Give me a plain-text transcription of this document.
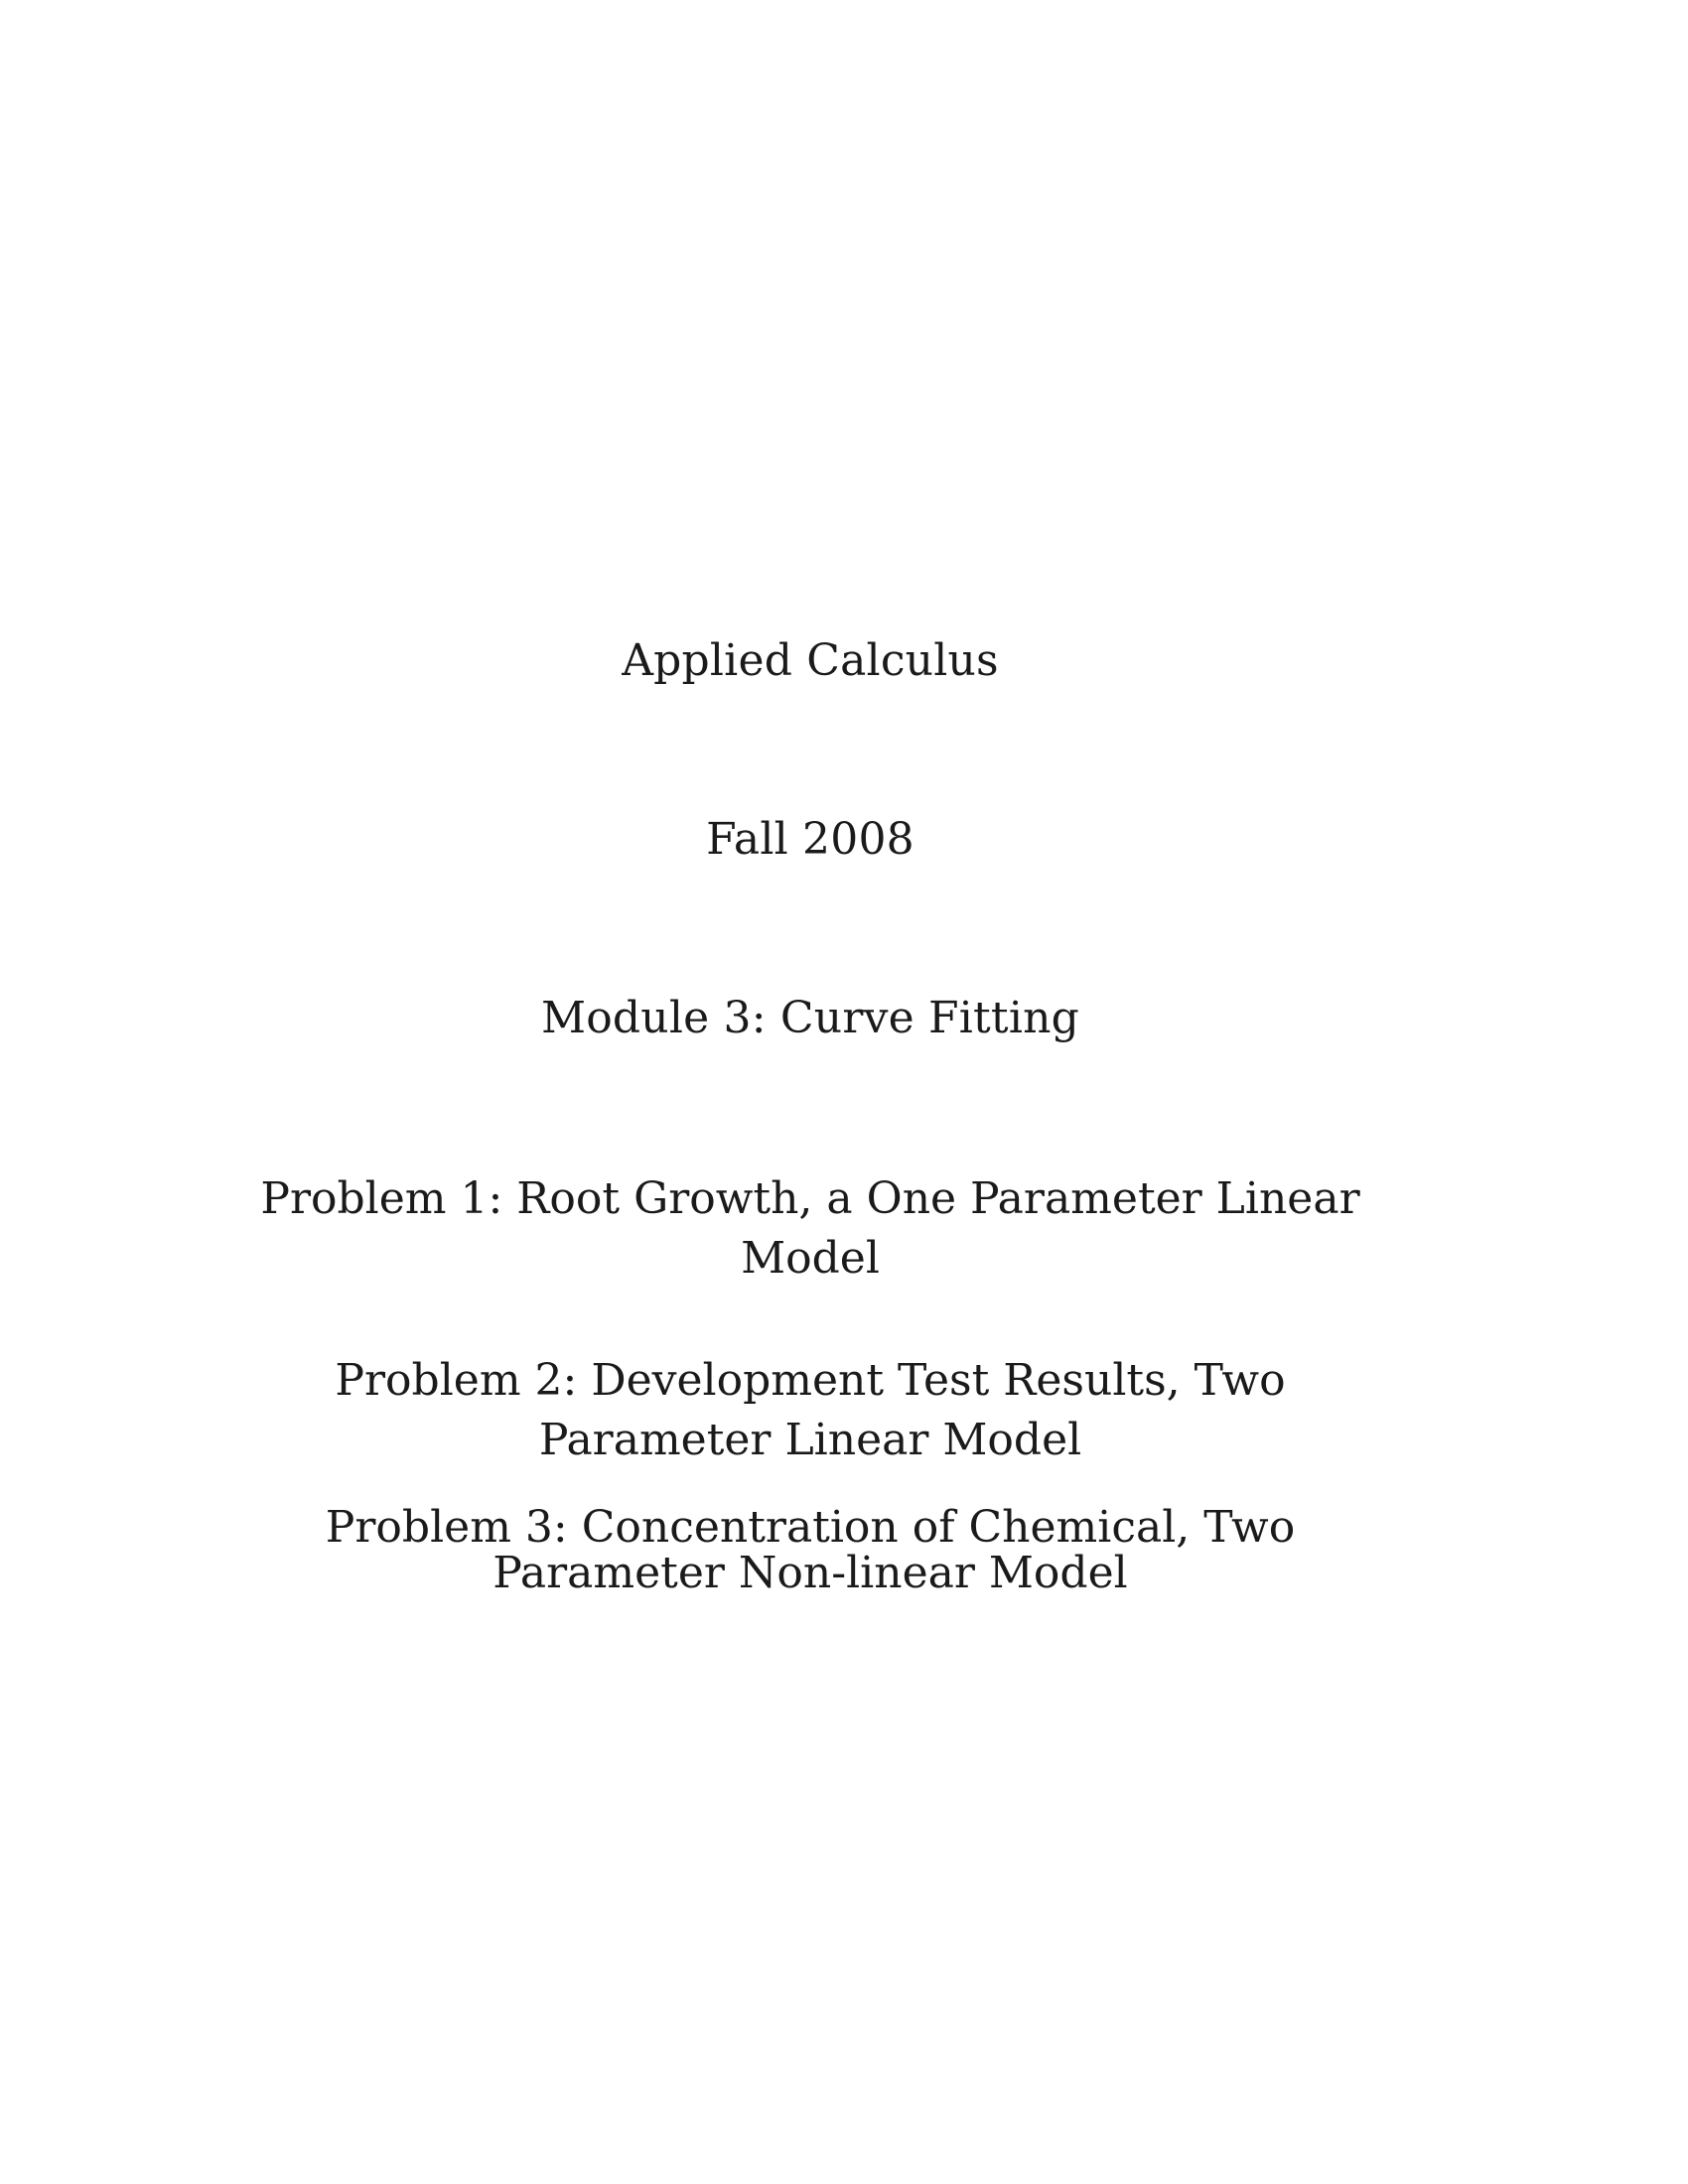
Applied Calculus
Fall 2008
Module 3: Curve Fitting
Problem 1: Root Growth, a One Parameter Linear
Model
Problem 2: Development Test Results, Two
Parameter Linear Model
Problem 3: Concentration of Chemical, Two
Parameter Non-linear Model
